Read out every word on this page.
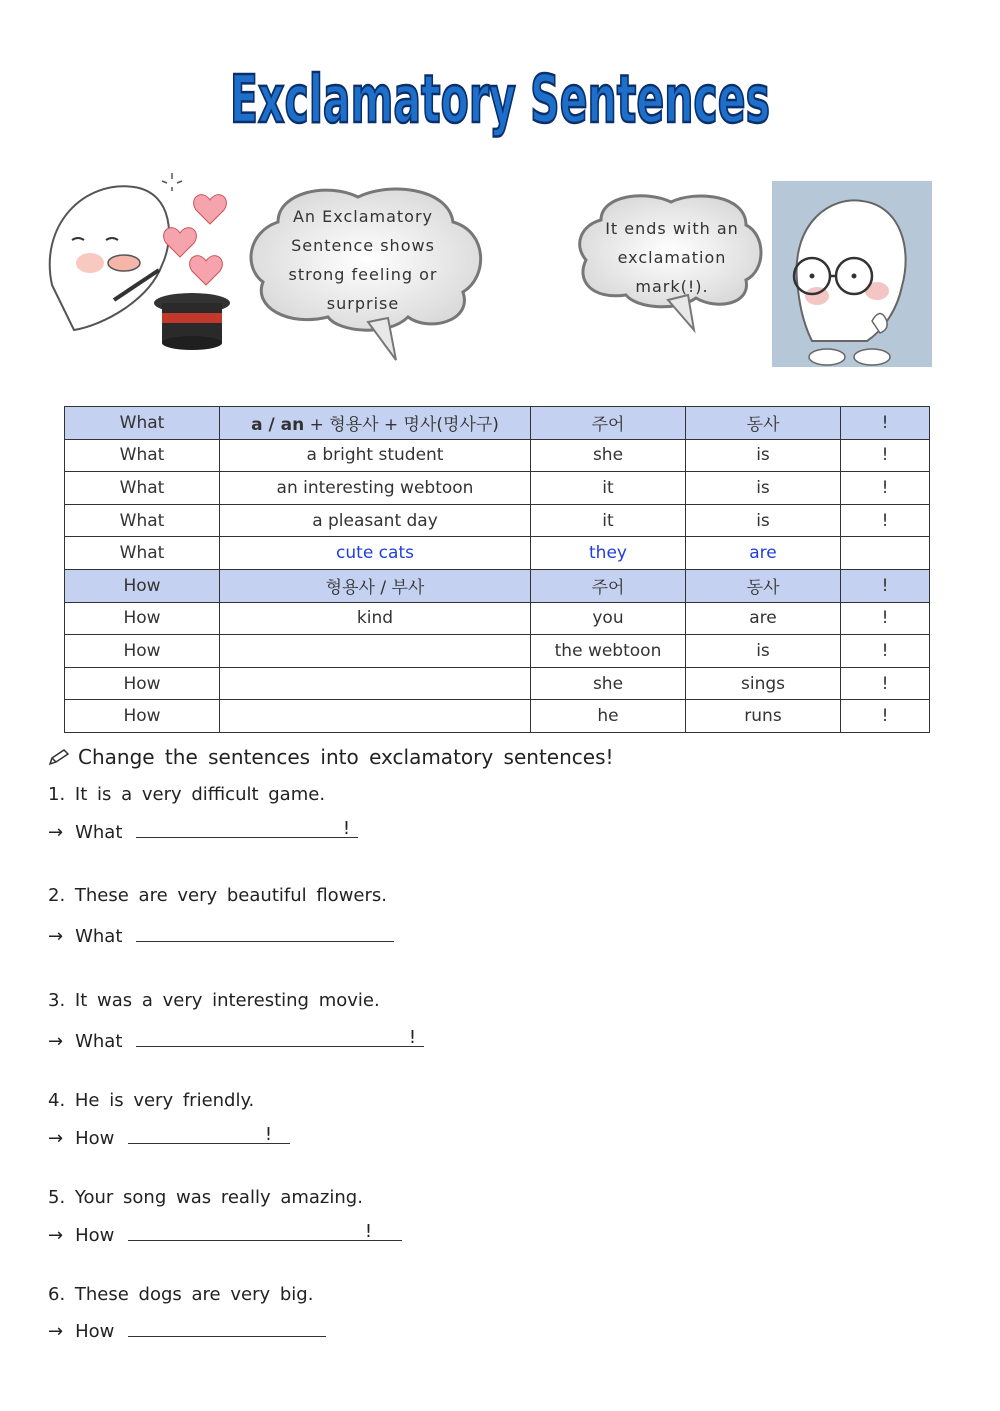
Exclamatory Sentences
An Exclamatory
Sentence shows
strong feeling or
surprise
It ends with an
exclamation
mark(!).
What	a / an + 형용사 + 명사(명사구)	주어	동사	!
What	a bright student	she	is	!
What	an interesting webtoon	it	is	!
What	a pleasant day	it	is	!
What	cute cats	they	are	
How	형용사 / 부사	주어	동사	!
How	kind	you	are	!
How		the webtoon	is	!
How		she	sings	!
How		he	runs	!
Change the sentences into exclamatory sentences!
1. It is a very difficult game.
→ What	!
2. These are very beautiful flowers.
→ What
3. It was a very interesting movie.
→ What	!
4. He is very friendly.
→ How	!
5. Your song was really amazing.
→ How	!
6. These dogs are very big.
→ How
